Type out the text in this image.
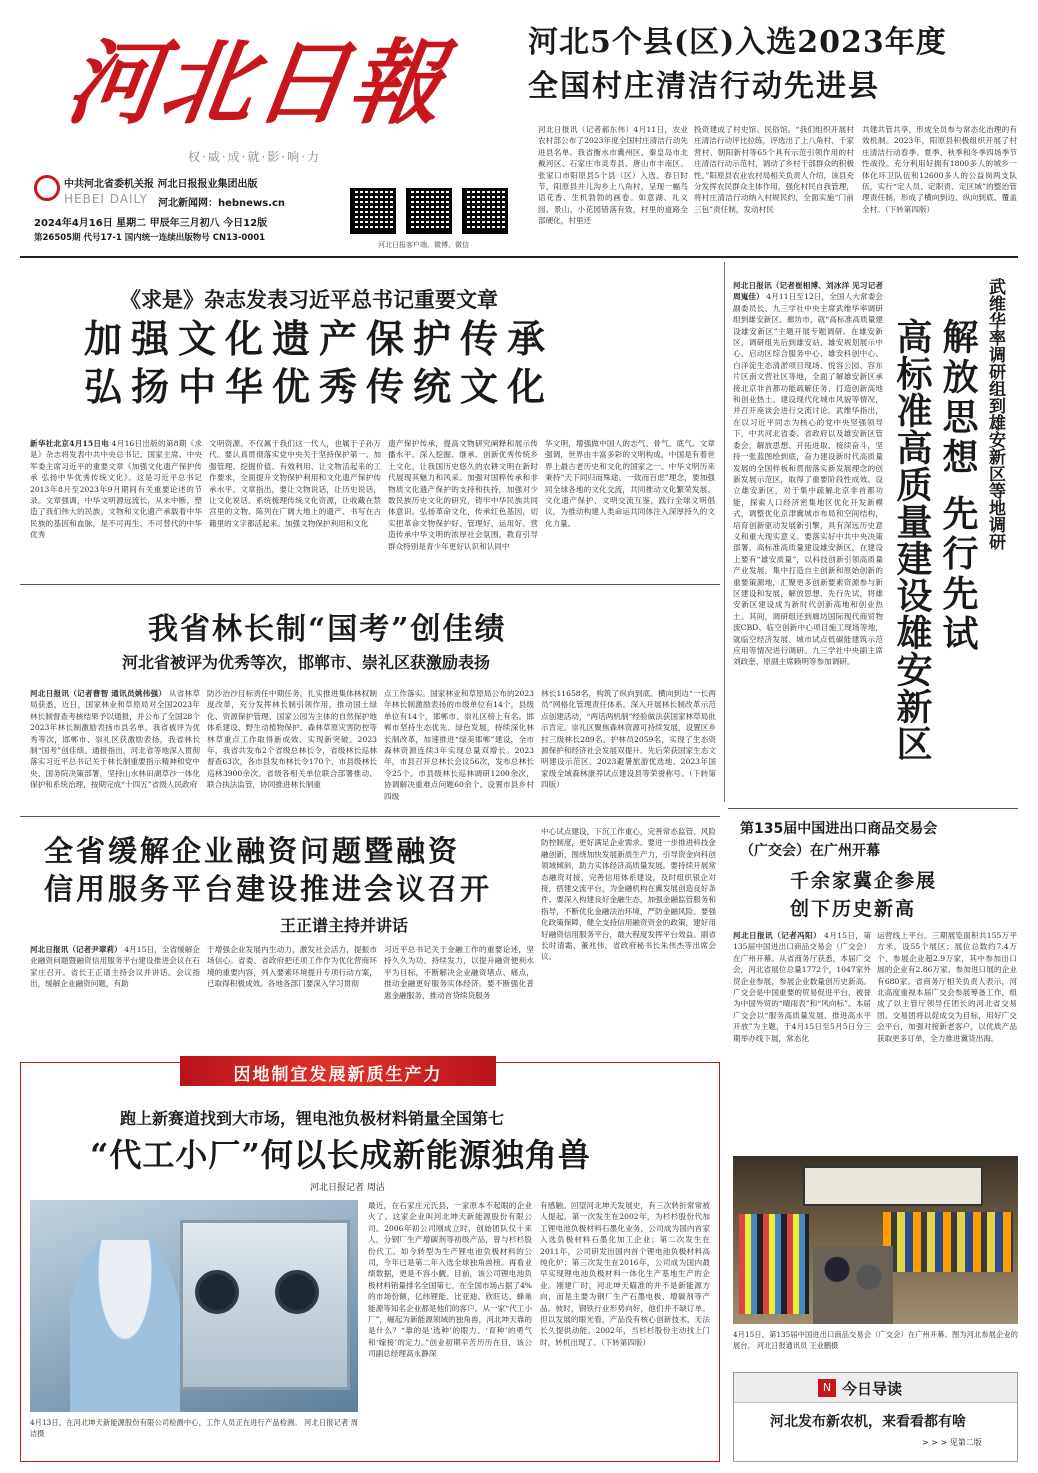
河北日報
权·威·成·就·影·响·力
中共河北省委机关报 河北日报报业集团出版
HEBEI DAILY 河北新闻网：hebnews.cn
2024年4月16日 星期二 甲辰年三月初八 今日12版
第26505期 代号17-1 国内统一连续出版物号 CN13-0001
河北日报客户端、微博、微信
河北5个县(区)入选2023年度
全国村庄清洁行动先进县
河北日报讯（记者郝东伟）4月11日，农业农村部公布了2023年度全国村庄清洁行动先进县名单。我省衡水市冀州区、秦皇岛市北戴河区、石家庄市灵寿县、唐山市丰南区、张家口市阳原县5个县（区）入选。春日时节，阳原县井儿沟乡上八角村，呈现一幅鸟语花香、生机勃勃的画卷。如意湖、礼义园、景山、小花园错落有致，村里的道路全部硬化，村里还
投资建成了村史馆、民俗馆。“我们组织开展村庄清洁行动评比拉练，评选出了上八角村、千家营村、朝阳新村等65个具有示范引领作用的村庄清洁行动示范村，调动了乡村干部群众的积极性。”阳原县农业农村局相关负责人介绍，该县充分发挥农民群众主体作用，强化村民自我管理，将村庄清洁行动纳入村规民约，全面实施“门前三包”责任制，发动村民
共建共管共享，形成全员参与常态化治理的有效机制。2023年，阳原县积极组织开展了村庄清洁行动春季、夏季、秋季和冬季四场季节性战役。充分利用好拥有1800多人的城乡一体化环卫队伍和12600多人的公益岗两支队伍，实行“定人员、定职责、定区域”的整治管理责任制，形成了横向到边、纵向到底、覆盖全村。（下转第四版）
《求是》杂志发表习近平总书记重要文章
加强文化遗产保护传承
弘扬中华优秀传统文化
新华社北京4月15日电 4月16日出版的第8期《求是》杂志将发表中共中央总书记、国家主席、中央军委主席习近平的重要文章《加强文化遗产保护传承 弘扬中华优秀传统文化》。这是习近平总书记2013年8月至2023年9月期间有关重要论述的节录。文章强调，中华文明源远流长，从未中断，塑造了我们伟大的民族。文物和文化遗产承载着中华民族的基因和血脉，是不可再生、不可替代的中华优秀
文明资源。不仅属于我们这一代人，也属于子孙万代。要认真贯彻落实党中央关于坚持保护第一、加强管理、挖掘价值、有效利用、让文物活起来的工作要求，全面提升文物保护利用和文化遗产保护传承水平。文章指出，要让文物说话，让历史说话，让文化说话。系统梳理传统文化资源，让收藏在禁宫里的文物、陈列在广阔大地上的遗产、书写在古籍里的文字都活起来。加强文物保护利用和文化
遗产保护传承，提高文物研究阐释和展示传播水平。深入挖掘、继承、创新优秀传统乡土文化，让我国历史悠久的农耕文明在新时代展现其魅力和风采。加强对国粹传承和非物质文化遗产保护的支持和扶持，加强对少数民族历史文化的研究，铸牢中华民族共同体意识。弘扬革命文化，传承红色基因，切实把革命文物保护好、管理好、运用好。营造传承中华文明的浓厚社会氛围，教育引导群众特别是青少年更好认识和认同中
华文明，增强做中国人的志气、骨气、底气。文章强调，世界由丰富多彩的文明构成，中国是有着世界上最古老历史和文化的国家之一。中华文明历来秉持“天下同归而殊途、一致而百虑”理念，要加强同全球各地的文化交流，共同推动文化繁荣发展、文化遗产保护、文明交流互鉴，践行全球文明倡议，为推动构建人类命运共同体注入深厚持久的文化力量。	武维华率调研组到雄安新区等地调研
解放思想 先行先试
高标准高质量建设雄安新区
河北日报讯（记者崔相博、刘冰洋 见习记者周嵬佳） 4月11日至12日，全国人大常委会副委员长、九三学社中央主席武维华率调研组到雄安新区、廊坊市，就“高标准高质量建设雄安新区”主题开展专题调研。在雄安新区，调研组先后到雄安站、雄安规划展示中心、启动区综合服务中心、雄安科创中心、白洋淀生态清淤项目现场、悦容公园、容东片区南文营社区等地，全面了解雄安新区承接北京非首都功能疏解任务、打造创新高地和创业热土、建设现代化城市风貌等情况，并召开座谈会进行交流讨论。武维华指出，在以习近平同志为核心的党中央坚强领导下，中共河北省委、省政府以及雄安新区管委会，解放思想、开拓进取、接续奋斗，坚持一张蓝图绘到底，奋力建设新时代高质量发展的全国样板和贯彻落实新发展理念的创新发展示范区，取得了重要阶段性成效。设立雄安新区，对于集中疏解北京非首都功能，探索人口经济密集地区优化开发新模式，调整优化京津冀城市布局和空间结构，培育创新驱动发展新引擎，具有深远历史意义和重大现实意义。要落实好中共中央决策部署，高标准高质量建设雄安新区，在建设上要有“雄安质量”，以科技创新引领高质量产业发展，集中打造自主创新和原始创新的重要策源地，汇聚更多创新要素资源参与新区建设和发展，解放思想、先行先试，将雄安新区建设成为新时代创新高地和创业热土。其间，调研组还到廊坊国际现代商贸物流CBD、临空创新中心项目施工现场等地，就临空经济发展、城市试点低碳能建筑示范应用等情况进行调研。九三学社中央副主席刘政奎、原副主席赖明等参加调研。
我省林长制“国考”创佳绩
河北省被评为优秀等次，邯郸市、崇礼区获激励表扬
河北日报讯（记者曹智 通讯员姚伟强） 从省林草局获悉，近日，国家林业和草原局对全国2023年林长制督查考核结果予以通报，并公布了全国28个2023年林长制激励表扬市县名单，我省被评为优秀等次，邯郸市、崇礼区获激励表扬，我省林长制“国考”创佳绩。通报指出，河北省等地深入贯彻落实习近平总书记关于林长制重要指示精神和党中央、国务院决策部署，坚持山水林田湖草沙一体化保护和系统治理，按期完成“十四五”省级人民政府
防沙治沙目标责任中期任务，扎实推进集体林权制度改革，充分发挥林长制引领作用，推动国土绿化、资源保护管理、国家公园为主体的自然保护地体系建设、野生动植物保护、森林草原灾害防控等林草重点工作取得新成效、实现新突破。2023年，我省共发布2个省级总林长令，省级林长巡林督查63次，各市县发布林长令170个，市县级林长巡林3900余次。省级各相关单位联合部署推动、联合执法监管，协同推进林长制重
点工作落实。国家林业和草原局公布的2023年林长制激励表扬的市级单位有14个，县级单位有14个，邯郸市、崇礼区榜上有名。邯郸市坚持生态优先、绿色发展，持续深化林长制改革，加速推进“绿美邯郸”建设，全市森林资源连续3年实现总量双增长。2023年，市县召开总林长会议56次，发布总林长令25个。市县级林长巡林调研1200余次，协调解决重难点问题60余个。设置市县乡村四级
林长11658名，构筑了纵向到底、横向到边“一长两员”网格化管理责任体系。深入开展林长制改革示范点创建活动，“两话两机制”经验做法获国家林草局批示肯定。崇礼区聚焦森林资源可持续发展，设置区乡村三级林长289名、护林员2059名，实现了生态资源保护和经济社会发展双提升。先后荣获国家生态文明建设示范区、2023避暑旅游优选地、2023年国家级全域森林康养试点建设县等荣誉称号。（下转第四版）
全省缓解企业融资问题暨融资
信用服务平台建设推进会议召开
王正谱主持并讲话
河北日报讯（记者尹翠莉） 4月15日，全省缓解企业融资问题暨融资信用服务平台建设推进会议在石家庄召开。省长王正谱主持会议并讲话。会议指出，缓解企业融资问题，有助
于增强企业发展内生动力，激发社会活力，提振市场信心。省委、省政府把还项工作作为优化营商环境的重要内容，列入要素环境提升专项行动方案，已取得积极成效。各地各部门要深入学习贯彻
习近平总书记关于金融工作的重要论述，坚持久久为功、持续发力，以提升融资便利水平为目标，不断解决企业融资堵点、痛点，推动金融更好服务实体经济。要不断强化普惠金融服务，推动首贷续贷服务
中心试点建设，下沉工作重心，完善常态监管、风险防控制度，更好满足企业需求。要进一步推进科技金融创新，围绕加快发展新质生产力，引导资金向科创领域倾斜，助力实体经济高质量发展。要持续开展常态融资对接，完善信用体系建设，及时组织银企对接，搭建交流平台，为金融机构在冀发展创造良好条件。要深入构建良好金融生态，加强金融监管服务和指导，不断优化金融法治环境，严防金融风险。要强化政策保障，健全支持信用融资资金的政策，建好用好融资信用服务平台，最大程度发挥平台效益。副省长时清霜、董兆伟，省政府秘书长朱伟杰等出席会议。
第135届中国进出口商品交易会
（广交会）在广州开幕
千余家冀企参展
创下历史新高
河北日报讯（记者冯阳） 4月15日，第135届中国进出口商品交易会（广交会）在广州开幕。从省商务厅获悉，本届广交会，河北省展位总量1772个，1047家外贸企业参展，参展企业数量创历史新高。广交会是中国重要的贸易促进平台，被誉为中国外贸的“晴雨表”和“风向标”。本届广交会以“服务高质量发展、推进高水平开放”为主题，于4月15日至5月5日分三期举办线下展，常态化
运营线上平台。三期展览面积共155万平方米，设55个展区；展位总数约7.4万个，参展企业超2.9万家，其中参加出口展的企业有2.86万家，参加进口展的企业有680家。省商务厅相关负责人表示，河北高度重视本届广交会参展筹备工作，组成了以主管厅领导任团长的河北省交易团。交易团将以促成交为目标，用好广交会平台，加强对接新老客户，以优质产品获取更多订单，全力推进冀货出海。
4月15日，第135届中国进出口商品交易会（广交会）在广州开幕。图为河北参展企业的展台。 河北日报通讯员 王业鹏摄
因地制宜发展新质生产力
跑上新赛道找到大市场，锂电池负极材料销量全国第七
“代工小厂”何以长成新能源独角兽
河北日报记者 周洁
4月13日，在河北坤天新能源股份有限公司检测中心，工作人员正在进行产品检测。 河北日报记者 周 洁摄
最近，在石家庄元氏县，一家原本不起眼的企业火了。这家企业叫河北坤天新能源股份有限公司。2006年初公司刚成立时，创始团队仅十来人，分钢厂生产增碳剂等初级产品，曾与杉杉股份代工。如今转型为生产锂电池负极材料的公司，今年已是第二年入选全球独角兽榜。再看业绩数据，更是不容小觑。目前，该公司锂电池负极材料销量排名全国第七，在全国市场占据了4%的市场份额，亿纬锂能、比亚迪、欣旺达、蜂巢能源等知名企业都是他们的客户。从一家“代工小厂”，崛起为新能源领域的独角兽，河北坤天靠的是什么？“靠的是‘选种’的眼力、‘育种’的勇气和‘嫁接’的定力。”创业初期辛苦历历在目，该公司副总经理高永静深
有感触。回望河北坤天发展史，有三次转折常常被人提起。第一次发生在2002年，为杉杉股份代加工锂电池负极材料石墨化业务，公司成为国内首家入选负极材料石墨化加工企业；第二次发生在2011年，公司研发出国内首个锂电池负极材料高纯化炉；第三次发生在2016年，公司成为国内最早实现锂电池负极材料一体化生产基地生产的企业。刚建厂时，河北坤天瞄准的并不是新能源方向，而是主要为钢厂生产石墨电极、增碳剂等产品。彼时，钢铁行业形势向好，他们并不缺订单。但以发展的眼光看，产品没有核心创新技术，无法长久提供动能。2002年，当杉杉股份主动找上门时，转机出现了。（下转第四版）
N 今日导读
河北发布新农机，来看看都有啥
> > > 见第二版
